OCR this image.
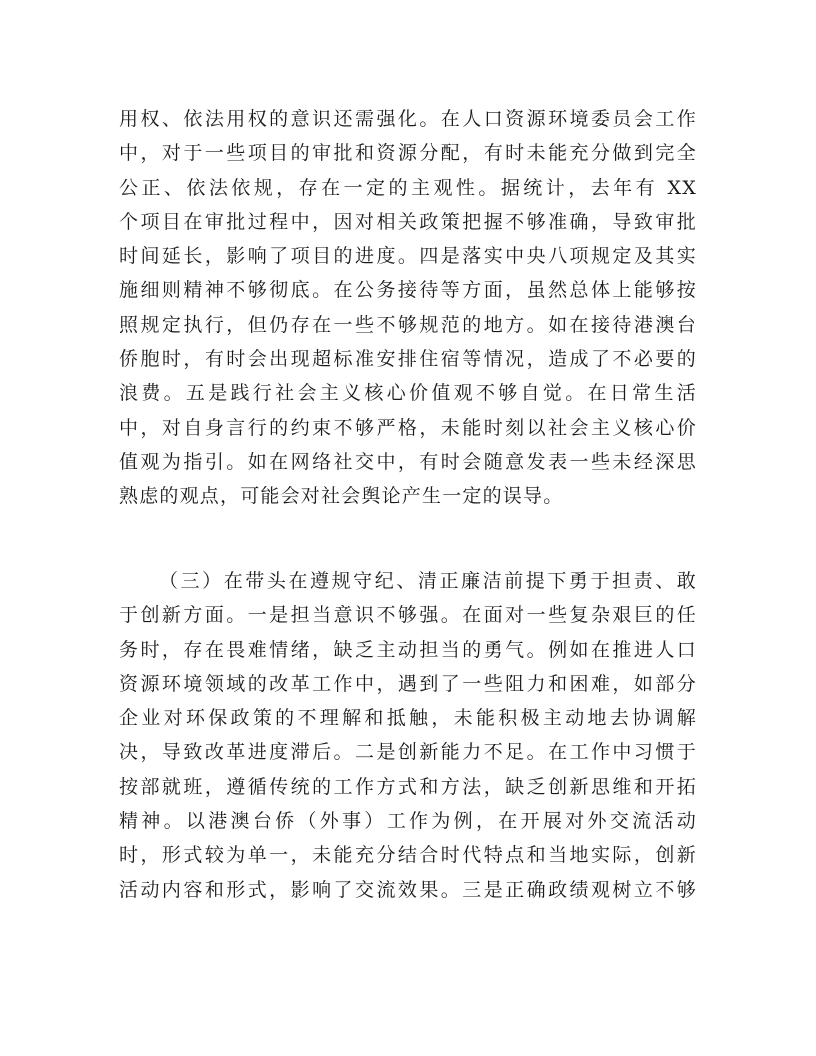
用权、依法用权的意识还需强化。在人口资源环境委员会工作
中，对于一些项目的审批和资源分配，有时未能充分做到完全
公正、依法依规，存在一定的主观性。据统计，去年有 XX
个项目在审批过程中，因对相关政策把握不够准确，导致审批
时间延长，影响了项目的进度。四是落实中央八项规定及其实
施细则精神不够彻底。在公务接待等方面，虽然总体上能够按
照规定执行，但仍存在一些不够规范的地方。如在接待港澳台
侨胞时，有时会出现超标准安排住宿等情况，造成了不必要的
浪费。五是践行社会主义核心价值观不够自觉。在日常生活
中，对自身言行的约束不够严格，未能时刻以社会主义核心价
值观为指引。如在网络社交中，有时会随意发表一些未经深思
熟虑的观点，可能会对社会舆论产生一定的误导。
（三）在带头在遵规守纪、清正廉洁前提下勇于担责、敢
于创新方面。一是担当意识不够强。在面对一些复杂艰巨的任
务时，存在畏难情绪，缺乏主动担当的勇气。例如在推进人口
资源环境领域的改革工作中，遇到了一些阻力和困难，如部分
企业对环保政策的不理解和抵触，未能积极主动地去协调解
决，导致改革进度滞后。二是创新能力不足。在工作中习惯于
按部就班，遵循传统的工作方式和方法，缺乏创新思维和开拓
精神。以港澳台侨（外事）工作为例，在开展对外交流活动
时，形式较为单一，未能充分结合时代特点和当地实际，创新
活动内容和形式，影响了交流效果。三是正确政绩观树立不够
